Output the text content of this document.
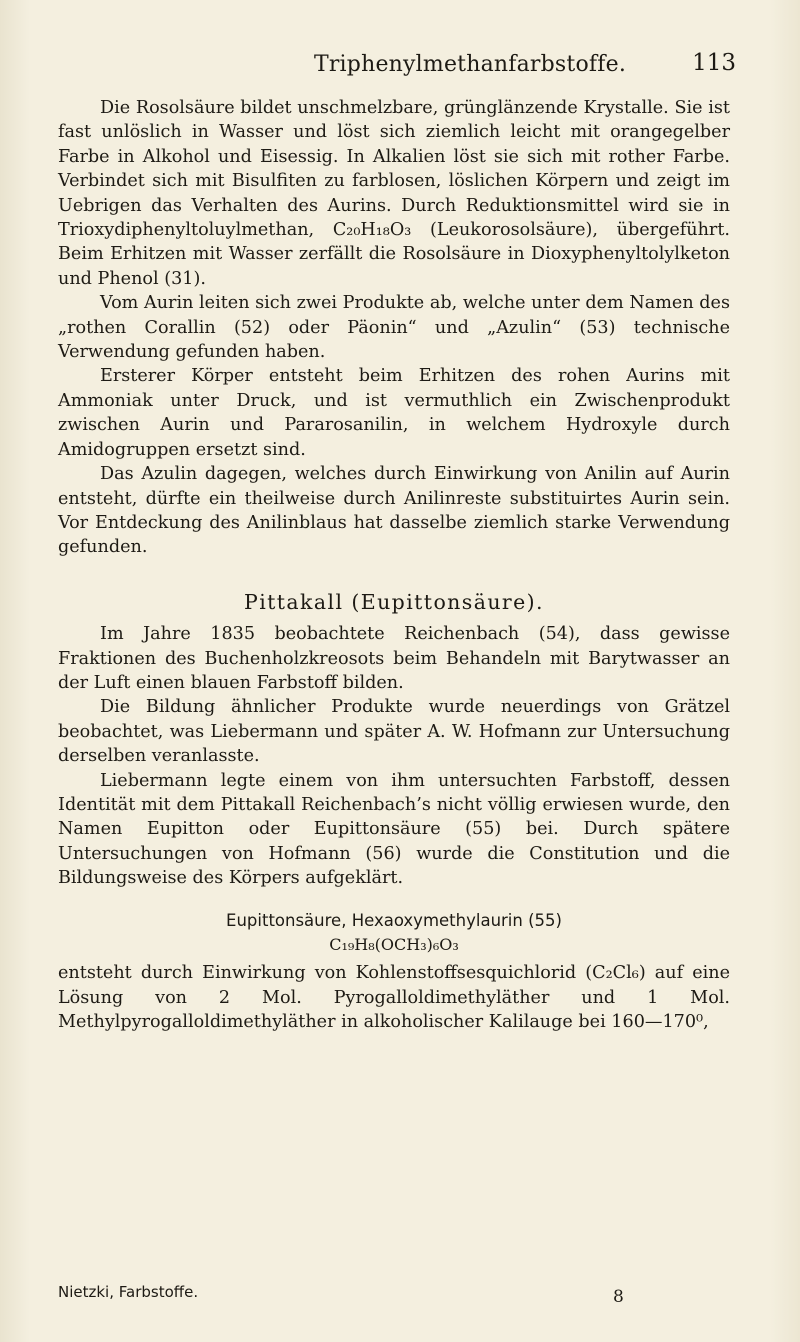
Triphenylmethanfarbstoffe.	113

Die Rosolsäure bildet unschmelzbare, grünglänzende Krystalle. Sie ist fast unlöslich in Wasser und löst sich ziemlich leicht mit orangegelber Farbe in Alkohol und Eisessig. In Alkalien löst sie sich mit rother Farbe. Verbindet sich mit Bisulfiten zu farblosen, löslichen Körpern und zeigt im Uebrigen das Verhalten des Aurins. Durch Reduktionsmittel wird sie in Trioxydiphenyltoluylmethan, C₂₀H₁₈O₃ (Leukorosolsäure), übergeführt. Beim Erhitzen mit Wasser zerfällt die Rosolsäure in Dioxyphenyltolylketon und Phenol (31).

Vom Aurin leiten sich zwei Produkte ab, welche unter dem Namen des „rothen Corallin (52) oder Päonin“ und „Azulin“ (53) technische Verwendung gefunden haben.

Ersterer Körper entsteht beim Erhitzen des rohen Aurins mit Ammoniak unter Druck, und ist vermuthlich ein Zwischenprodukt zwischen Aurin und Pararosanilin, in welchem Hydroxyle durch Amidogruppen ersetzt sind.

Das Azulin dagegen, welches durch Einwirkung von Anilin auf Aurin entsteht, dürfte ein theilweise durch Anilinreste substituirtes Aurin sein. Vor Entdeckung des Anilinblaus hat dasselbe ziemlich starke Verwendung gefunden.

Pittakall (Eupittonsäure).

Im Jahre 1835 beobachtete Reichenbach (54), dass gewisse Fraktionen des Buchenholzkreosots beim Behandeln mit Barytwasser an der Luft einen blauen Farbstoff bilden.

Die Bildung ähnlicher Produkte wurde neuerdings von Grätzel beobachtet, was Liebermann und später A. W. Hofmann zur Untersuchung derselben veranlasste.

Liebermann legte einem von ihm untersuchten Farbstoff, dessen Identität mit dem Pittakall Reichenbach’s nicht völlig erwiesen wurde, den Namen Eupitton oder Eupittonsäure (55) bei. Durch spätere Untersuchungen von Hofmann (56) wurde die Constitution und die Bildungsweise des Körpers aufgeklärt.

Eupittonsäure, Hexaoxymethylaurin (55)
C₁₉H₈(OCH₃)₆O₃

entsteht durch Einwirkung von Kohlenstoffsesquichlorid (C₂Cl₆) auf eine Lösung von 2 Mol. Pyrogalloldimethyläther und 1 Mol. Methylpyrogalloldimethyläther in alkoholischer Kalilauge bei 160—170⁰,

Nietzki, Farbstoffe.	8
